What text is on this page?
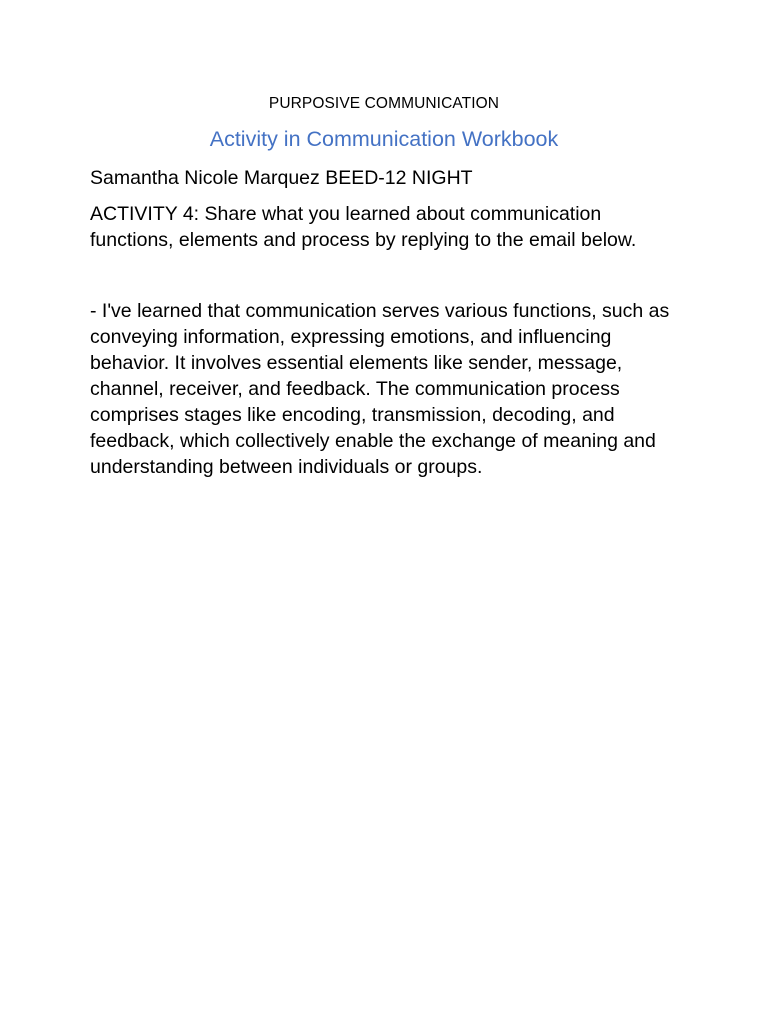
PURPOSIVE COMMUNICATION

Activity in Communication Workbook

Samantha Nicole Marquez BEED-12 NIGHT

ACTIVITY 4: Share what you learned about communication functions, elements and process by replying to the email below.

- I've learned that communication serves various functions, such as conveying information, expressing emotions, and influencing behavior. It involves essential elements like sender, message, channel, receiver, and feedback. The communication process comprises stages like encoding, transmission, decoding, and feedback, which collectively enable the exchange of meaning and understanding between individuals or groups.
